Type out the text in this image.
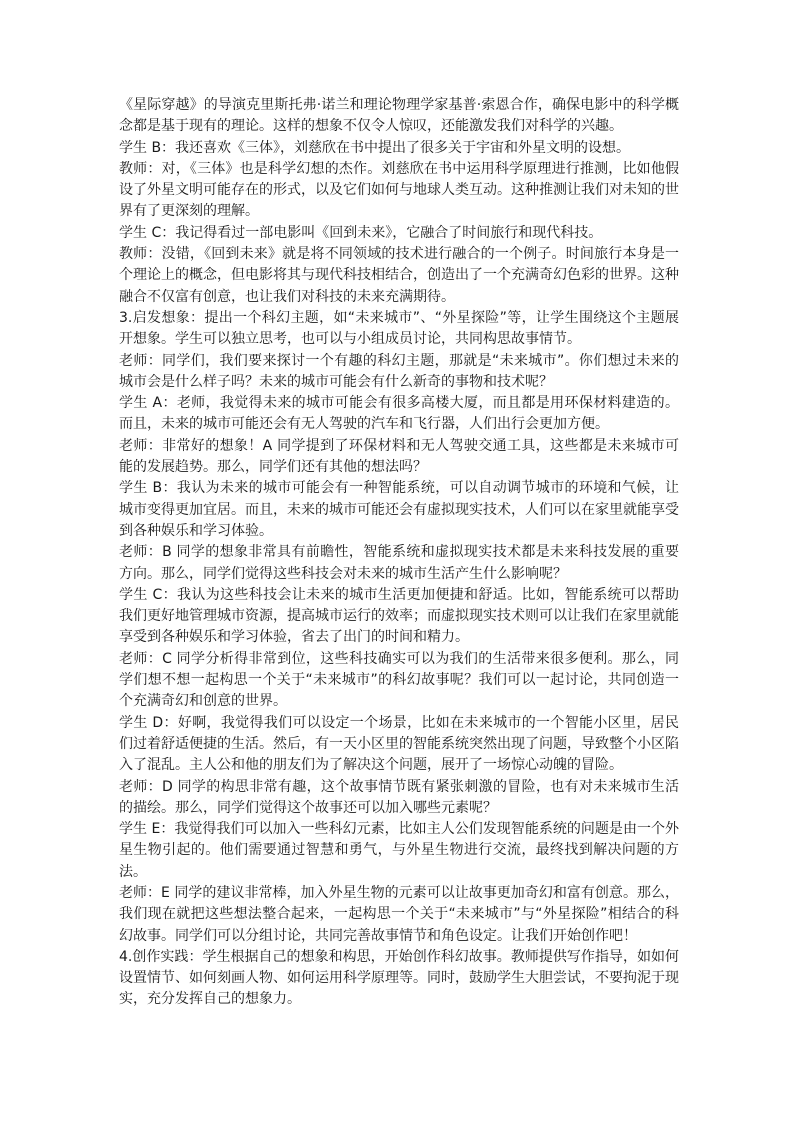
《星际穿越》的导演克里斯托弗·诺兰和理论物理学家基普·索恩合作，确保电影中的科学概念都是基于现有的理论。这样的想象不仅令人惊叹，还能激发我们对科学的兴趣。

学生 B：我还喜欢《三体》，刘慈欣在书中提出了很多关于宇宙和外星文明的设想。

教师：对，《三体》也是科学幻想的杰作。刘慈欣在书中运用科学原理进行推测，比如他假设了外星文明可能存在的形式，以及它们如何与地球人类互动。这种推测让我们对未知的世界有了更深刻的理解。

学生 C：我记得看过一部电影叫《回到未来》，它融合了时间旅行和现代科技。

教师：没错，《回到未来》就是将不同领域的技术进行融合的一个例子。时间旅行本身是一个理论上的概念，但电影将其与现代科技相结合，创造出了一个充满奇幻色彩的世界。这种融合不仅富有创意，也让我们对科技的未来充满期待。

3.启发想象：提出一个科幻主题，如“未来城市”、“外星探险”等，让学生围绕这个主题展开想象。学生可以独立思考，也可以与小组成员讨论，共同构思故事情节。

老师：同学们，我们要来探讨一个有趣的科幻主题，那就是“未来城市”。你们想过未来的城市会是什么样子吗？未来的城市可能会有什么新奇的事物和技术呢？

学生 A：老师，我觉得未来的城市可能会有很多高楼大厦，而且都是用环保材料建造的。而且，未来的城市可能还会有无人驾驶的汽车和飞行器，人们出行会更加方便。

老师：非常好的想象！A 同学提到了环保材料和无人驾驶交通工具，这些都是未来城市可能的发展趋势。那么，同学们还有其他的想法吗？

学生 B：我认为未来的城市可能会有一种智能系统，可以自动调节城市的环境和气候，让城市变得更加宜居。而且，未来的城市可能还会有虚拟现实技术，人们可以在家里就能享受到各种娱乐和学习体验。

老师：B 同学的想象非常具有前瞻性，智能系统和虚拟现实技术都是未来科技发展的重要方向。那么，同学们觉得这些科技会对未来的城市生活产生什么影响呢？

学生 C：我认为这些科技会让未来的城市生活更加便捷和舒适。比如，智能系统可以帮助我们更好地管理城市资源，提高城市运行的效率；而虚拟现实技术则可以让我们在家里就能享受到各种娱乐和学习体验，省去了出门的时间和精力。

老师：C 同学分析得非常到位，这些科技确实可以为我们的生活带来很多便利。那么，同学们想不想一起构思一个关于“未来城市”的科幻故事呢？我们可以一起讨论，共同创造一个充满奇幻和创意的世界。

学生 D：好啊，我觉得我们可以设定一个场景，比如在未来城市的一个智能小区里，居民们过着舒适便捷的生活。然后，有一天小区里的智能系统突然出现了问题，导致整个小区陷入了混乱。主人公和他的朋友们为了解决这个问题，展开了一场惊心动魄的冒险。

老师：D 同学的构思非常有趣，这个故事情节既有紧张刺激的冒险，也有对未来城市生活的描绘。那么，同学们觉得这个故事还可以加入哪些元素呢？

学生 E：我觉得我们可以加入一些科幻元素，比如主人公们发现智能系统的问题是由一个外星生物引起的。他们需要通过智慧和勇气，与外星生物进行交流，最终找到解决问题的方法。

老师：E 同学的建议非常棒，加入外星生物的元素可以让故事更加奇幻和富有创意。那么，我们现在就把这些想法整合起来，一起构思一个关于“未来城市”与“外星探险”相结合的科幻故事。同学们可以分组讨论，共同完善故事情节和角色设定。让我们开始创作吧！

4.创作实践：学生根据自己的想象和构思，开始创作科幻故事。教师提供写作指导，如如何设置情节、如何刻画人物、如何运用科学原理等。同时，鼓励学生大胆尝试，不要拘泥于现实，充分发挥自己的想象力。
